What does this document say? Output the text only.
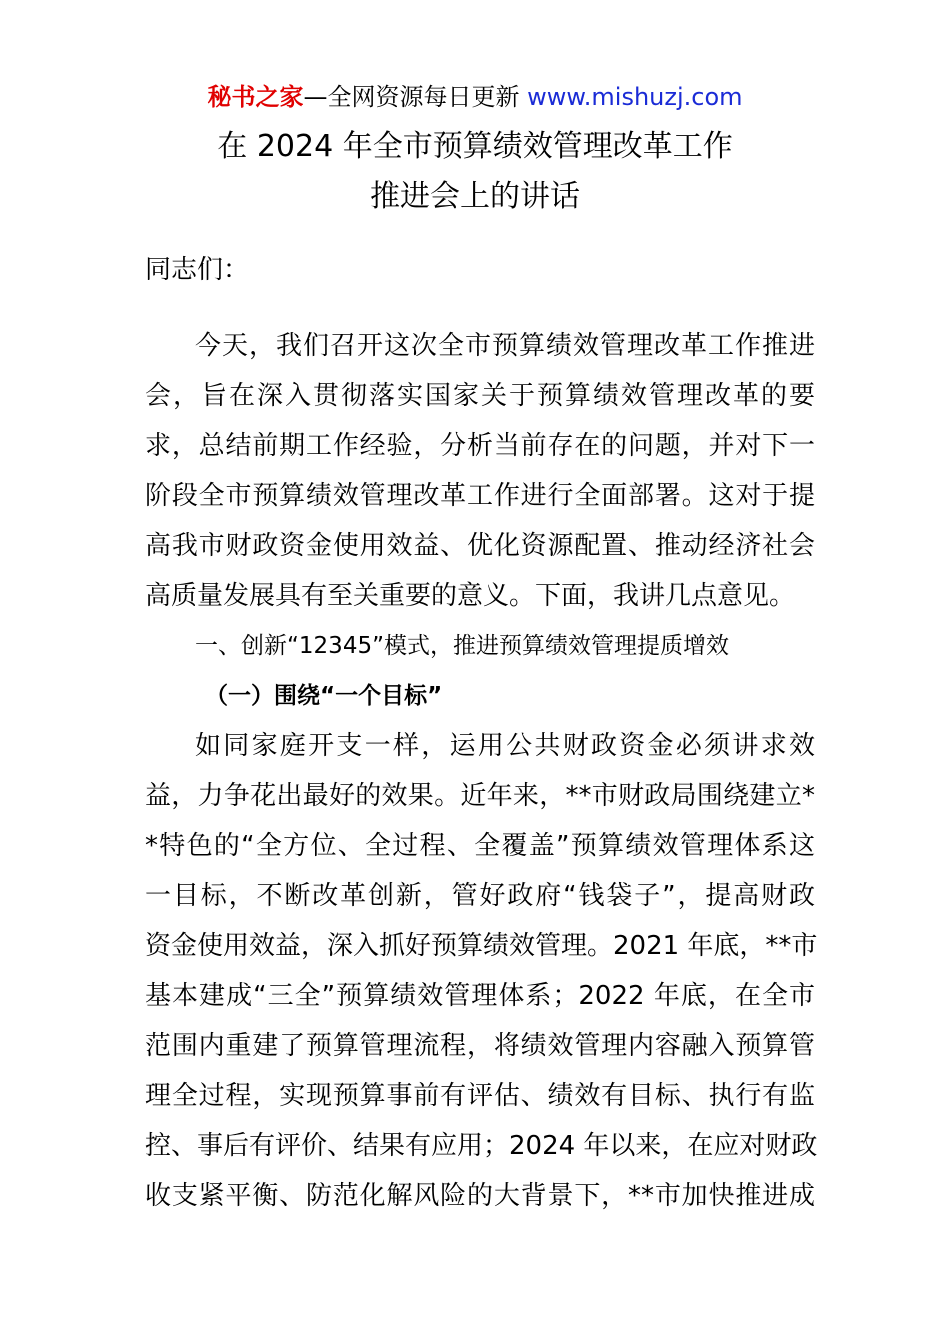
秘书之家—全网资源每日更新 www.mishuzj.com
在 2024 年全市预算绩效管理改革工作
推进会上的讲话
同志们：
今天，我们召开这次全市预算绩效管理改革工作推进
会，旨在深入贯彻落实国家关于预算绩效管理改革的要
求，总结前期工作经验，分析当前存在的问题，并对下一
阶段全市预算绩效管理改革工作进行全面部署。这对于提
高我市财政资金使用效益、优化资源配置、推动经济社会
高质量发展具有至关重要的意义。下面，我讲几点意见。
一、创新“12345”模式，推进预算绩效管理提质增效
（一）围绕“一个目标”
如同家庭开支一样，运用公共财政资金必须讲求效
益，力争花出最好的效果。近年来，**市财政局围绕建立*
*特色的“全方位、全过程、全覆盖”预算绩效管理体系这
一目标，不断改革创新，管好政府“钱袋子”，提高财政
资金使用效益，深入抓好预算绩效管理。2021 年底，**市
基本建成“三全”预算绩效管理体系；2022 年底，在全市
范围内重建了预算管理流程，将绩效管理内容融入预算管
理全过程，实现预算事前有评估、绩效有目标、执行有监
控、事后有评价、结果有应用；2024 年以来，在应对财政
收支紧平衡、防范化解风险的大背景下，**市加快推进成
